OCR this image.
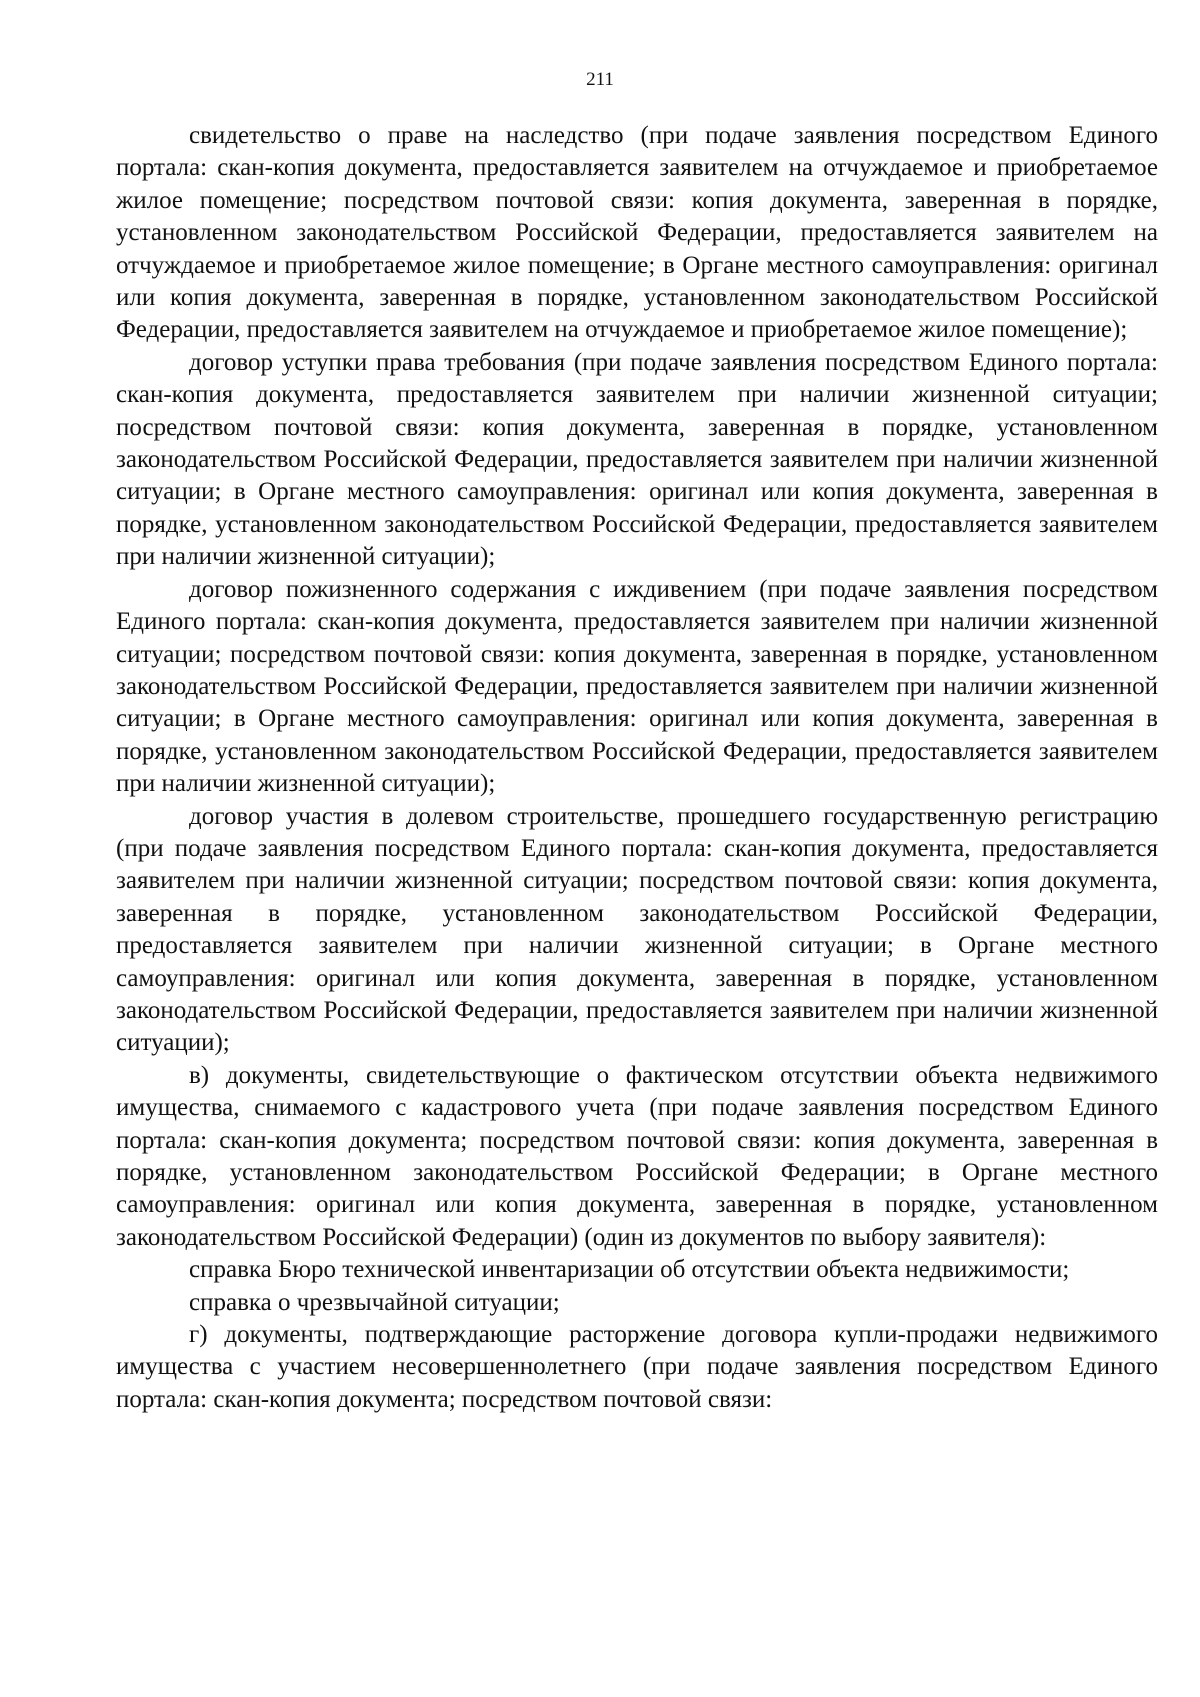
211

свидетельство о праве на наследство (при подаче заявления посредством Единого портала: скан-копия документа, предоставляется заявителем на отчуждаемое и приобретаемое жилое помещение; посредством почтовой связи: копия документа, заверенная в порядке, установленном законодательством Российской Федерации, предоставляется заявителем на отчуждаемое и приобретаемое жилое помещение; в Органе местного самоуправления: оригинал или копия документа, заверенная в порядке, установленном законодательством Российской Федерации, предоставляется заявителем на отчуждаемое и приобретаемое жилое помещение);

договор уступки права требования (при подаче заявления посредством Единого портала: скан-копия документа, предоставляется заявителем при наличии жизненной ситуации; посредством почтовой связи: копия документа, заверенная в порядке, установленном законодательством Российской Федерации, предоставляется заявителем при наличии жизненной ситуации; в Органе местного самоуправления: оригинал или копия документа, заверенная в порядке, установленном законодательством Российской Федерации, предоставляется заявителем при наличии жизненной ситуации);

договор пожизненного содержания с иждивением (при подаче заявления посредством Единого портала: скан-копия документа, предоставляется заявителем при наличии жизненной ситуации; посредством почтовой связи: копия документа, заверенная в порядке, установленном законодательством Российской Федерации, предоставляется заявителем при наличии жизненной ситуации; в Органе местного самоуправления: оригинал или копия документа, заверенная в порядке, установленном законодательством Российской Федерации, предоставляется заявителем при наличии жизненной ситуации);

договор участия в долевом строительстве, прошедшего государственную регистрацию (при подаче заявления посредством Единого портала: скан-копия документа, предоставляется заявителем при наличии жизненной ситуации; посредством почтовой связи: копия документа, заверенная в порядке, установленном законодательством Российской Федерации, предоставляется заявителем при наличии жизненной ситуации; в Органе местного самоуправления: оригинал или копия документа, заверенная в порядке, установленном законодательством Российской Федерации, предоставляется заявителем при наличии жизненной ситуации);

в) документы, свидетельствующие о фактическом отсутствии объекта недвижимого имущества, снимаемого с кадастрового учета (при подаче заявления посредством Единого портала: скан-копия документа; посредством почтовой связи: копия документа, заверенная в порядке, установленном законодательством Российской Федерации; в Органе местного самоуправления: оригинал или копия документа, заверенная в порядке, установленном законодательством Российской Федерации) (один из документов по выбору заявителя):

справка Бюро технической инвентаризации об отсутствии объекта недвижимости;

справка о чрезвычайной ситуации;

г) документы, подтверждающие расторжение договора купли-продажи недвижимого имущества с участием несовершеннолетнего (при подаче заявления посредством Единого портала: скан-копия документа; посредством почтовой связи:
